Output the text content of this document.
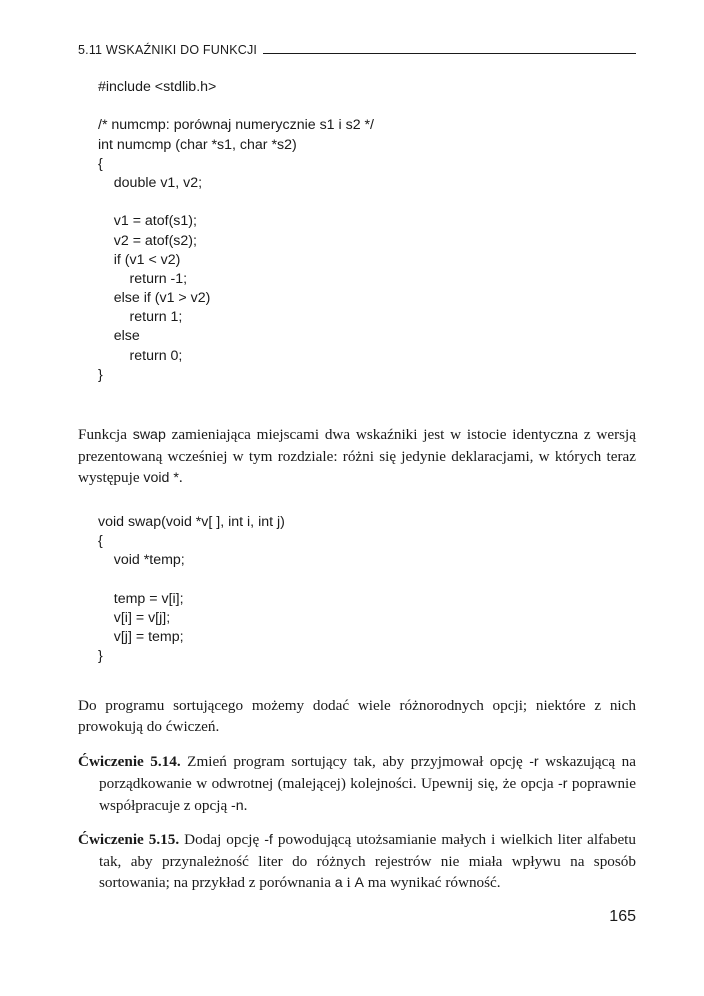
5.11 WSKAŹNIKI DO FUNKCJI
#include <stdlib.h>
/* numcmp: porównaj numerycznie s1 i s2 */
int numcmp (char *s1, char *s2)
{
double v1, v2;
v1 = atof(s1);
v2 = atof(s2);
if (v1 < v2)
return -1;
else if (v1 > v2)
return 1;
else
return 0;
}

Funkcja swap zamieniająca miejscami dwa wskaźniki jest w istocie identyczna z wersją prezentowaną wcześniej w tym rozdziale: różni się jedynie deklaracjami, w których teraz występuje void *.

void swap(void *v[ ], int i, int j)
{
void *temp;
temp = v[i];
v[i] = v[j];
v[j] = temp;
}

Do programu sortującego możemy dodać wiele różnorodnych opcji; niektóre z nich prowokują do ćwiczeń.

Ćwiczenie 5.14. Zmień program sortujący tak, aby przyjmował opcję -r wskazującą na porządkowanie w odwrotnej (malejącej) kolejności. Upewnij się, że opcja -r poprawnie współpracuje z opcją -n.

Ćwiczenie 5.15. Dodaj opcję -f powodującą utożsamianie małych i wielkich liter alfabetu tak, aby przynależność liter do różnych rejestrów nie miała wpływu na sposób sortowania; na przykład z porównania a i A ma wynikać równość.

165
